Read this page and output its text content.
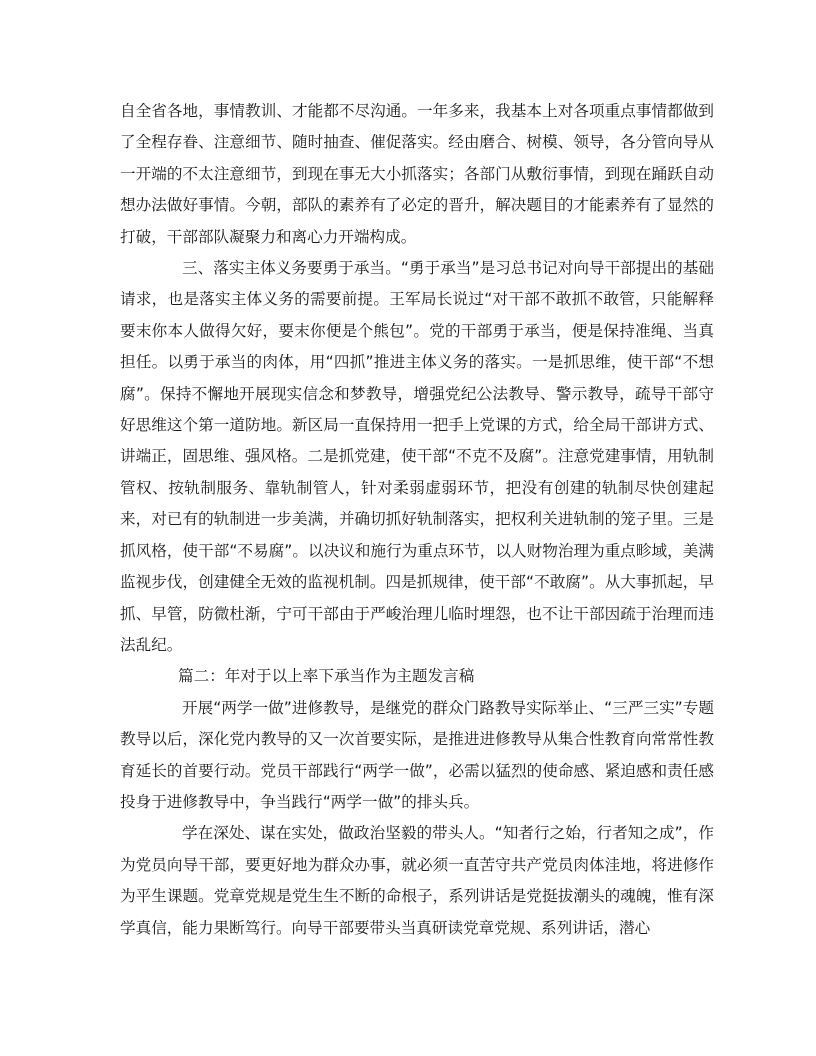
自全省各地，事情教训、才能都不尽沟通。一年多来，我基本上对各项重点事情都做到了全程存眷、注意细节、随时抽查、催促落实。经由磨合、树模、领导，各分管向导从一开端的不太注意细节，到现在事无大小抓落实；各部门从敷衍事情，到现在踊跃自动想办法做好事情。今朝，部队的素养有了必定的晋升，解决题目的才能素养有了显然的打破，干部部队凝聚力和离心力开端构成。

三、落实主体义务要勇于承当。“勇于承当”是习总书记对向导干部提出的基础请求，也是落实主体义务的需要前提。王军局长说过“对干部不敢抓不敢管，只能解释要末你本人做得欠好，要末你便是个熊包”。党的干部勇于承当，便是保持准绳、当真担任。以勇于承当的肉体，用“四抓”推进主体义务的落实。一是抓思维，使干部“不想腐”。保持不懈地开展现实信念和梦教导，增强党纪公法教导、警示教导，疏导干部守好思维这个第一道防地。新区局一直保持用一把手上党课的方式，给全局干部讲方式、讲端正，固思维、强风格。二是抓党建，使干部“不克不及腐”。注意党建事情，用轨制管权、按轨制服务、靠轨制管人，针对柔弱虚弱环节，把没有创建的轨制尽快创建起来，对已有的轨制进一步美满，并确切抓好轨制落实，把权利关进轨制的笼子里。三是抓风格，使干部“不易腐”。以决议和施行为重点环节，以人财物治理为重点畛域，美满监视步伐，创建健全无效的监视机制。四是抓规律，使干部“不敢腐”。从大事抓起，早抓、早管，防微杜渐，宁可干部由于严峻治理儿临时埋怨，也不让干部因疏于治理而违法乱纪。

篇二：年对于以上率下承当作为主题发言稿

开展“两学一做”进修教导，是继党的群众门路教导实际举止、“三严三实”专题教导以后，深化党内教导的又一次首要实际，是推进进修教导从集合性教育向常常性教育延长的首要行动。党员干部践行“两学一做”，必需以猛烈的使命感、紧迫感和责任感投身于进修教导中，争当践行“两学一做”的排头兵。

学在深处、谋在实处，做政治坚毅的带头人。“知者行之始，行者知之成”，作为党员向导干部，要更好地为群众办事，就必须一直苦守共产党员肉体洼地，将进修作为平生课题。党章党规是党生生不断的命根子，系列讲话是党挺拔潮头的魂魄，惟有深学真信，能力果断笃行。向导干部要带头当真研读党章党规、系列讲话，潜心
